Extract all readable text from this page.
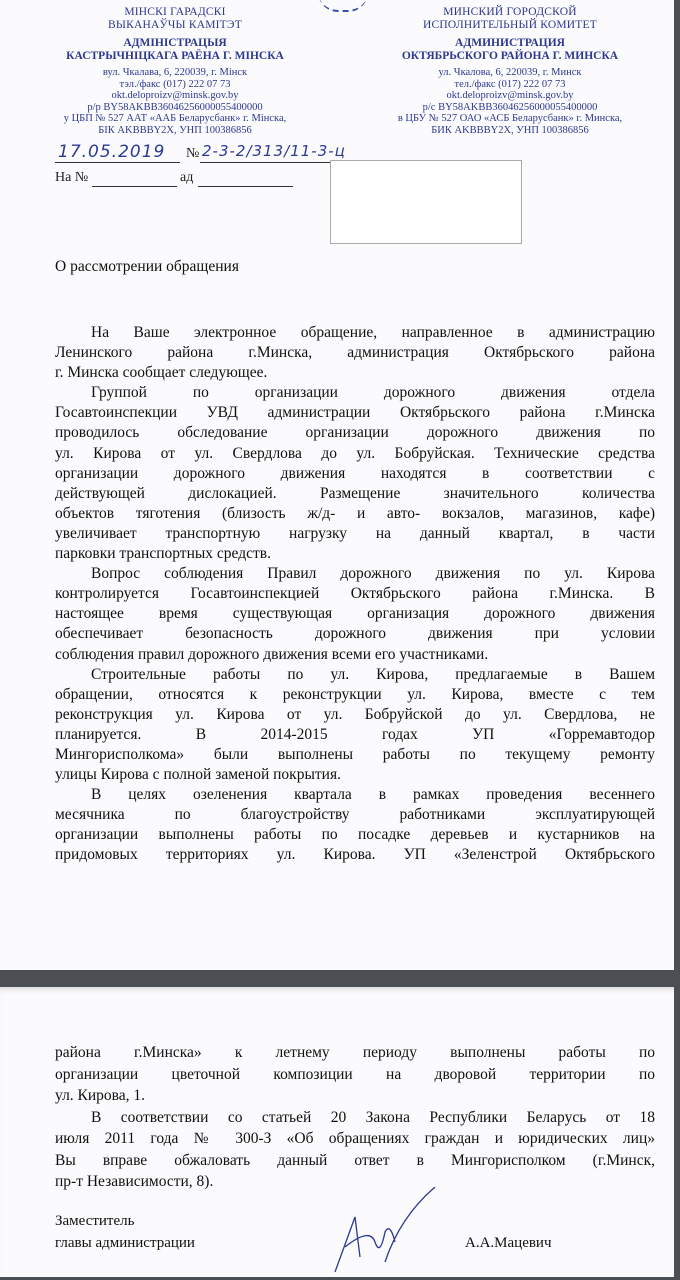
МІНСКІ ГАРАДСКІ
ВЫКАНАЎЧЫ КАМІТЭТ
АДМІНІСТРАЦЫЯ
КАСТРЫЧНІЦКАГА РАЁНА Г. МІНСКА
вул. Чкалава, 6, 220039, г. Мінск
тэл./факс (017) 222 07 73
okt.deloproizv@minsk.gov.by
р/р BY58AKBB36046256000055400000
у ЦБП № 527 ААТ «ААБ Беларусбанк» г. Мінска,
БІК AKBBBY2X, УНП 100386856
МИНСКИЙ ГОРОДСКОЙ
ИСПОЛНИТЕЛЬНЫЙ КОМИТЕТ
АДМИНИСТРАЦИЯ
ОКТЯБРЬСКОГО РАЙОНА Г. МИНСКА
ул. Чкалова, 6, 220039, г. Минск
тел./факс (017) 222 07 73
okt.deloproizv@minsk.gov.by
р/с BY58AKBB36046256000055400000
в ЦБУ № 527 ОАО «АСБ Беларусбанк» г. Минска,
БИК AKBBBY2X, УНП 100386856
17.05.2019 № 2-3-2/313/11-3-ц
На №	ад
О рассмотрении обращения
На Ваше электронное обращение, направленное в администрацию
Ленинского района г.Минска, администрация Октябрьского района
г. Минска сообщает следующее.
Группой по организации дорожного движения отдела
Госавтоинспекции УВД администрации Октябрьского района г.Минска
проводилось обследование организации дорожного движения по
ул. Кирова от ул. Свердлова до ул. Бобруйская. Технические средства
организации дорожного движения находятся в соответствии с
действующей дислокацией. Размещение значительного количества
объектов тяготения (близость ж/д- и авто- вокзалов, магазинов, кафе)
увеличивает транспортную нагрузку на данный квартал, в части
парковки транспортных средств.
Вопрос соблюдения Правил дорожного движения по ул. Кирова
контролируется Госавтоинспекцией Октябрьского района г.Минска. В
настоящее время существующая организация дорожного движения
обеспечивает безопасность дорожного движения при условии
соблюдения правил дорожного движения всеми его участниками.
Строительные работы по ул. Кирова, предлагаемые в Вашем
обращении, относятся к реконструкции ул. Кирова, вместе с тем
реконструкция ул. Кирова от ул. Бобруйской до ул. Свердлова, не
планируется. В 2014-2015 годах УП «Горремавтодор
Мингорисполкома» были выполнены работы по текущему ремонту
улицы Кирова с полной заменой покрытия.
В целях озеленения квартала в рамках проведения весеннего
месячника по благоустройству работниками эксплуатирующей
организации выполнены работы по посадке деревьев и кустарников на
придомовых территориях ул. Кирова. УП «Зеленстрой Октябрьского
района г.Минска» к летнему периоду выполнены работы по
организации цветочной композиции на дворовой территории по
ул. Кирова, 1.
В соответствии со статьей 20 Закона Республики Беларусь от 18
июля 2011 года № 300-З «Об обращениях граждан и юридических лиц»
Вы вправе обжаловать данный ответ в Мингорисполком (г.Минск,
пр-т Независимости, 8).
Заместитель
главы администрации	А.А.Мацевич
